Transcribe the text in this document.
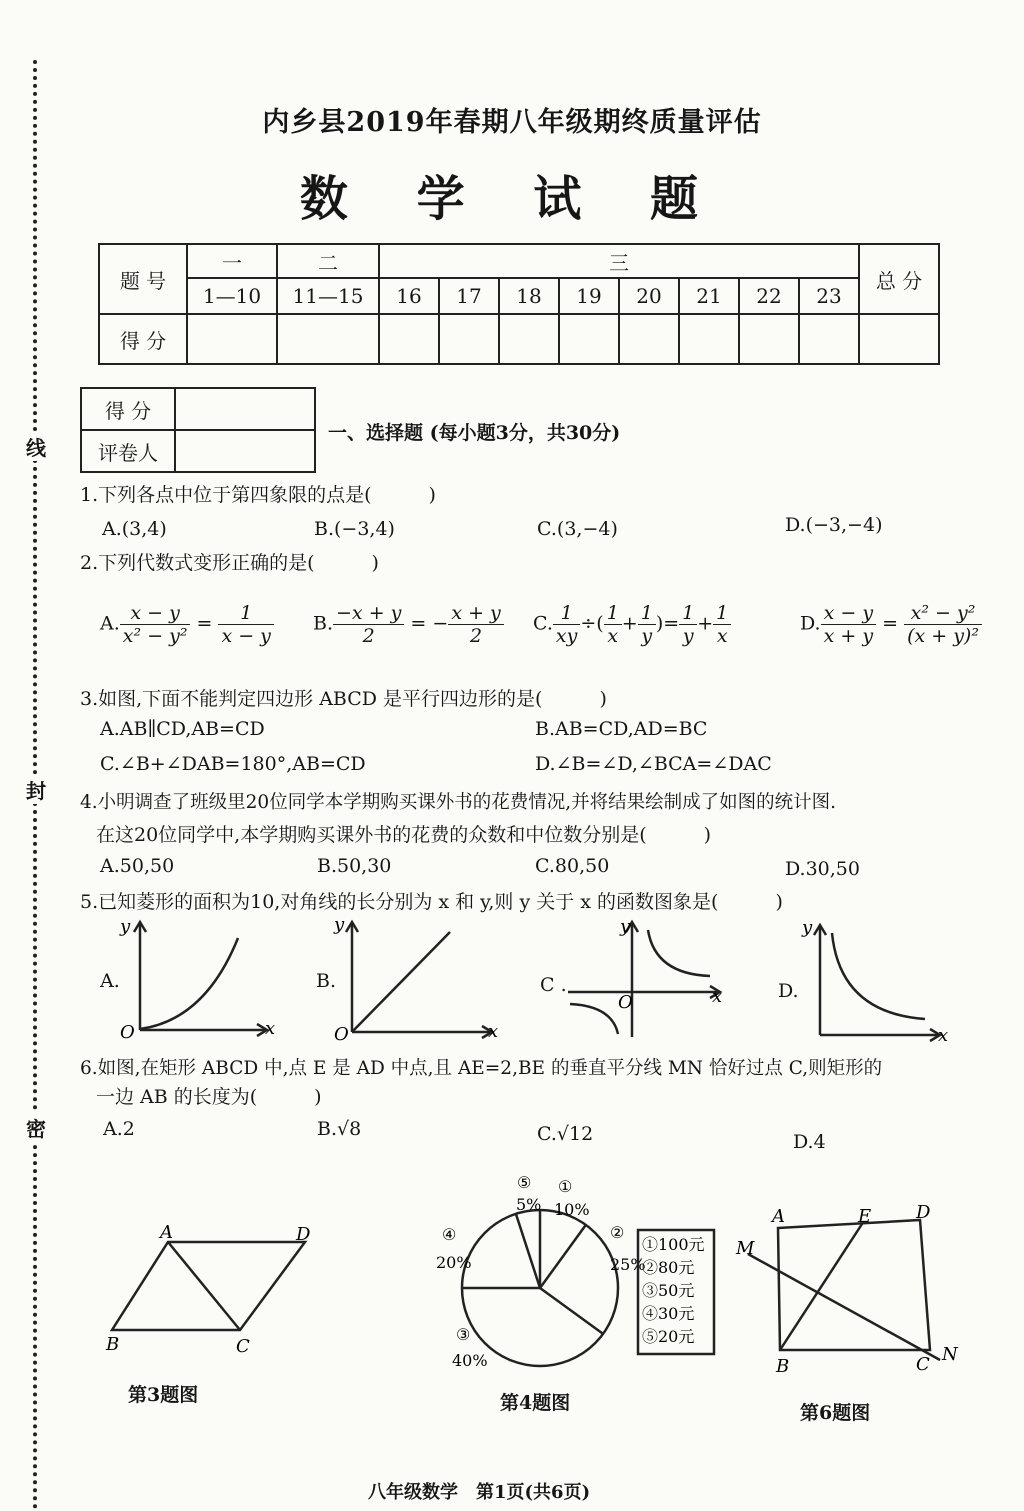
线
封
密
内乡县2019年春期八年级期终质量评估
数 学 试 题
题 号	一	二	三								总 分
	1—10	11—15	16	17	18	19	20	21	22	23	
得 分											
得 分	
评卷人	
一、选择题 (每小题3分，共30分)
1.下列各点中位于第四象限的点是(　　　)
A.(3,4)	B.(−3,4)	C.(3,−4)	D.(−3,−4)
2.下列代数式变形正确的是(　　　)
A. $\frac{x - y}{\text{x² − y²}} = \frac{1}{x - y} B$. $\frac{-x + y}{2}$ = − $\frac{x + y}{2} C$. $\frac{1}{xy}$ ÷( $\frac{1}{x} + \frac{1}{y}$ )= $\frac{1}{y} + \frac{1}{x}$	D. $\frac{x - y}{x + y} = \frac{\text{x² − y²}}{\text{(x + y)²}}$
3.如图,下面不能判定四边形 ABCD 是平行四边形的是(　　　)
A.AB∥CD,AB=CD	B.AB=CD,AD=BC
C.∠B+∠DAB=180°,AB=CD	D.∠B=∠D,∠BCA=∠DAC
4.小明调查了班级里20位同学本学期购买课外书的花费情况,并将结果绘制成了如图的统计图.
在这20位同学中,本学期购买课外书的花费的众数和中位数分别是(　　　)
A.50,50	B.50,30	C.80,50	D.30,50
5.已知菱形的面积为10,对角线的长分别为 x 和 y,则 y 关于 x 的函数图象是(　　　)
A.	B.	C .	D.
y
O	x
y
O	x
y
O	x
y
x
6.如图,在矩形 ABCD 中,点 E 是 AD 中点,且 AE=2,BE 的垂直平分线 MN 恰好过点 C,则矩形的
一边 AB 的长度为(　　　)
A.2	B.√8	C.√12	D.4
A	D
B	C
第3题图
⑤
5%
①
10%
②
25%
④
20%
③
40%
①100元
②80元
③50元
④30元
⑤20元
第4题图
A	E D
M
B	C N
第6题图
八年级数学　第1页(共6页)
